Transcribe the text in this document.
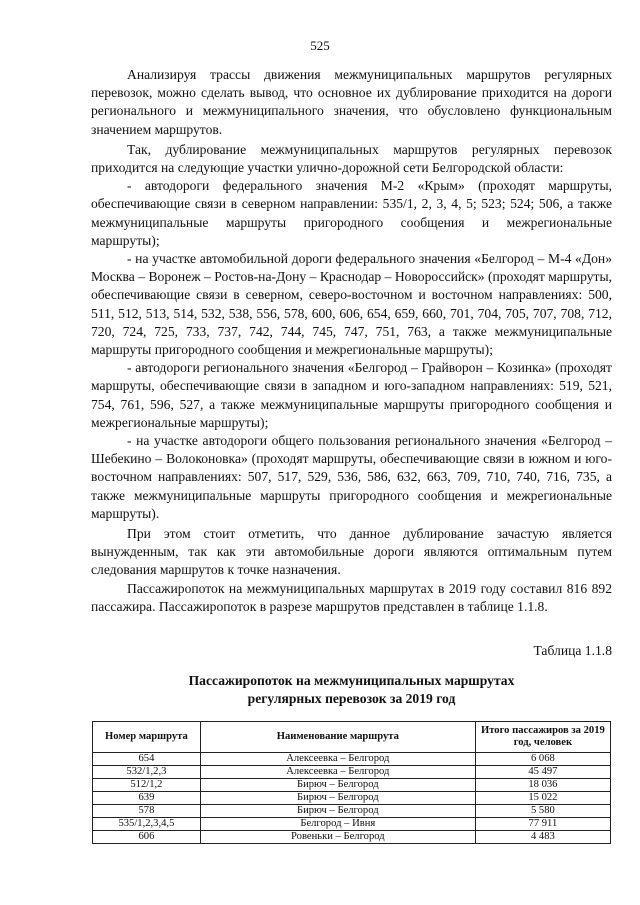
525

Анализируя трассы движения межмуниципальных маршрутов регулярных перевозок, можно сделать вывод, что основное их дублирование приходится на дороги регионального и межмуниципального значения, что обусловлено функциональным значением маршрутов.

Так, дублирование межмуниципальных маршрутов регулярных перевозок приходится на следующие участки улично-дорожной сети Белгородской области:

- автодороги федерального значения М-2 «Крым» (проходят маршруты, обеспечивающие связи в северном направлении: 535/1, 2, 3, 4, 5; 523; 524; 506, а также межмуниципальные маршруты пригородного сообщения и межрегиональные маршруты);

- на участке автомобильной дороги федерального значения «Белгород – М-4 «Дон» Москва – Воронеж – Ростов-на-Дону – Краснодар – Новороссийск» (проходят маршруты, обеспечивающие связи в северном, северо-восточном и восточном направлениях: 500, 511, 512, 513, 514, 532, 538, 556, 578, 600, 606, 654, 659, 660, 701, 704, 705, 707, 708, 712, 720, 724, 725, 733, 737, 742, 744, 745, 747, 751, 763, а также межмуниципальные маршруты пригородного сообщения и межрегиональные маршруты);

- автодороги регионального значения «Белгород – Грайворон – Козинка» (проходят маршруты, обеспечивающие связи в западном и юго-западном направлениях: 519, 521, 754, 761, 596, 527, а также межмуниципальные маршруты пригородного сообщения и межрегиональные маршруты);

- на участке автодороги общего пользования регионального значения «Белгород – Шебекино – Волоконовка» (проходят маршруты, обеспечивающие связи в южном и юго-восточном направлениях: 507, 517, 529, 536, 586, 632, 663, 709, 710, 740, 716, 735, а также межмуниципальные маршруты пригородного сообщения и межрегиональные маршруты).

При этом стоит отметить, что данное дублирование зачастую является вынужденным, так как эти автомобильные дороги являются оптимальным путем следования маршрутов к точке назначения.

Пассажиропоток на межмуниципальных маршрутах в 2019 году составил 816 892 пассажира. Пассажиропоток в разрезе маршрутов представлен в таблице 1.1.8.

Таблица 1.1.8
Пассажиропоток на межмуниципальных маршрутах
регулярных перевозок за 2019 год
Номер маршрута	Наименование маршрута	Итого пассажиров за 2019 год, человек
654	Алексеевка – Белгород	6 068
532/1,2,3	Алексеевка – Белгород	45 497
512/1,2	Бирюч – Белгород	18 036
639	Бирюч – Белгород	15 022
578	Бирюч – Белгород	5 580
535/1,2,3,4,5	Белгород – Ивня	77 911
606	Ровеньки – Белгород	4 483
